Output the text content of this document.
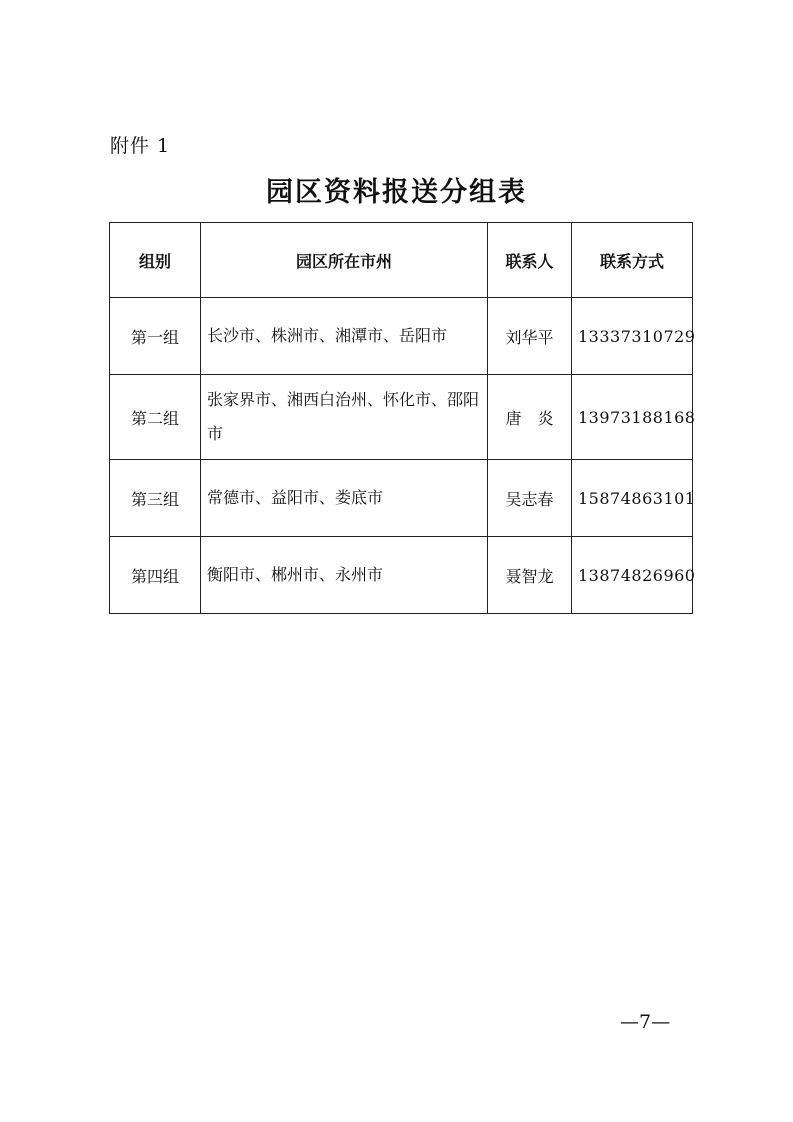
附件 1
园区资料报送分组表
组别	园区所在市州	联系人	联系方式
第一组	长沙市、株洲市、湘潭市、岳阳市	刘华平	13337310729
第二组	张家界市、湘西白治州、怀化市、邵阳市	唐　炎	13973188168
第三组	常德市、益阳市、娄底市	吴志春	15874863101
第四组	衡阳市、郴州市、永州市	聂智龙	13874826960
—7—
